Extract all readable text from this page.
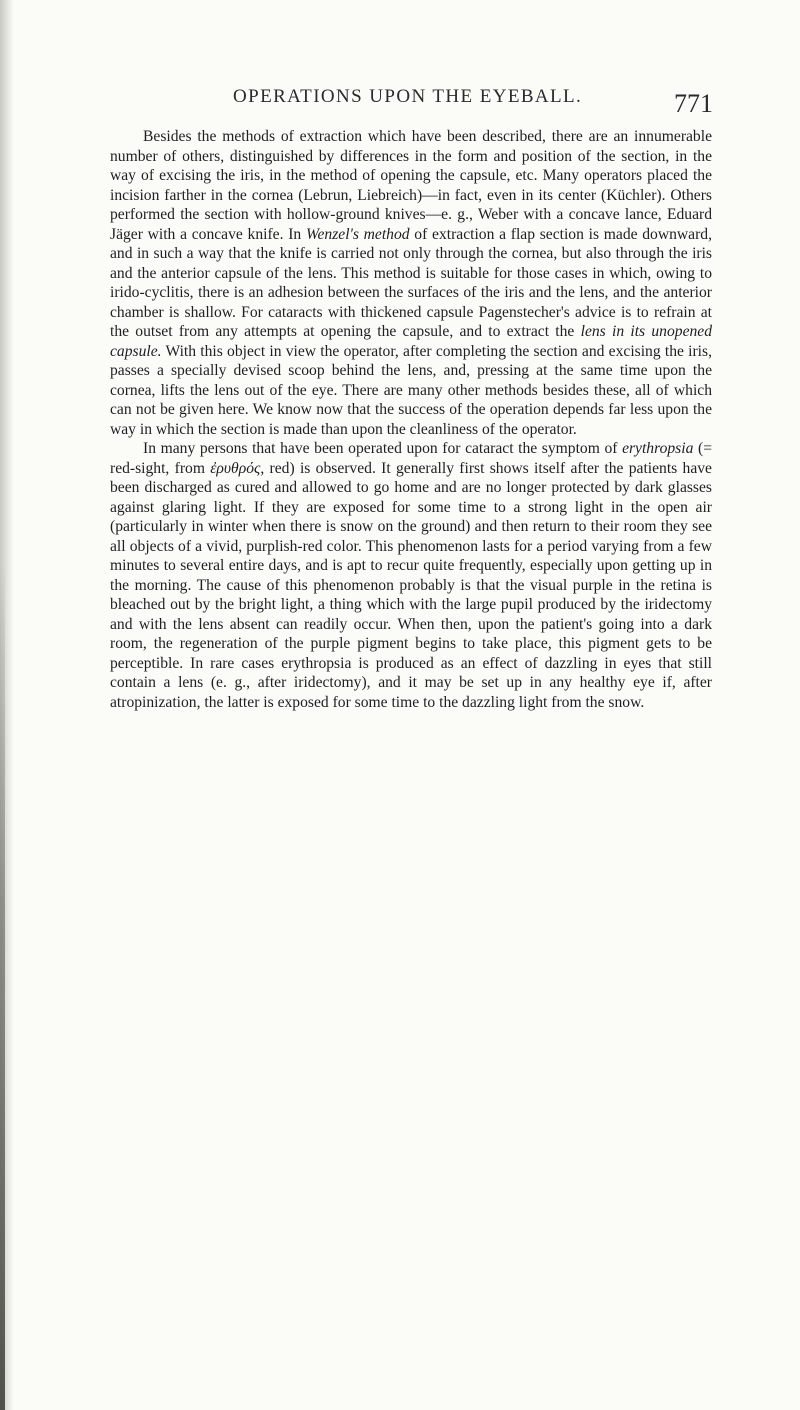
OPERATIONS UPON THE EYEBALL.	771

Besides the methods of extraction which have been described, there are an innumerable number of others, distinguished by differences in the form and position of the section, in the way of excising the iris, in the method of opening the capsule, etc. Many operators placed the incision farther in the cornea (Lebrun, Liebreich)—in fact, even in its center (Küchler). Others performed the section with hollow-ground knives—e. g., Weber with a concave lance, Eduard Jäger with a concave knife. In Wenzel's method of extraction a flap section is made downward, and in such a way that the knife is carried not only through the cornea, but also through the iris and the anterior capsule of the lens. This method is suitable for those cases in which, owing to irido-cyclitis, there is an adhesion between the surfaces of the iris and the lens, and the anterior chamber is shallow. For cataracts with thickened capsule Pagenstecher's advice is to refrain at the outset from any attempts at opening the capsule, and to extract the lens in its unopened capsule. With this object in view the operator, after completing the section and excising the iris, passes a specially devised scoop behind the lens, and, pressing at the same time upon the cornea, lifts the lens out of the eye. There are many other methods besides these, all of which can not be given here. We know now that the success of the operation depends far less upon the way in which the section is made than upon the cleanliness of the operator.

In many persons that have been operated upon for cataract the symptom of erythropsia (= red-sight, from ἐρυθρός, red) is observed. It generally first shows itself after the patients have been discharged as cured and allowed to go home and are no longer protected by dark glasses against glaring light. If they are exposed for some time to a strong light in the open air (particularly in winter when there is snow on the ground) and then return to their room they see all objects of a vivid, purplish-red color. This phenomenon lasts for a period varying from a few minutes to several entire days, and is apt to recur quite frequently, especially upon getting up in the morning. The cause of this phenomenon probably is that the visual purple in the retina is bleached out by the bright light, a thing which with the large pupil produced by the iridectomy and with the lens absent can readily occur. When then, upon the patient's going into a dark room, the regeneration of the purple pigment begins to take place, this pigment gets to be perceptible. In rare cases erythropsia is produced as an effect of dazzling in eyes that still contain a lens (e. g., after iridectomy), and it may be set up in any healthy eye if, after atropinization, the latter is exposed for some time to the dazzling light from the snow.
